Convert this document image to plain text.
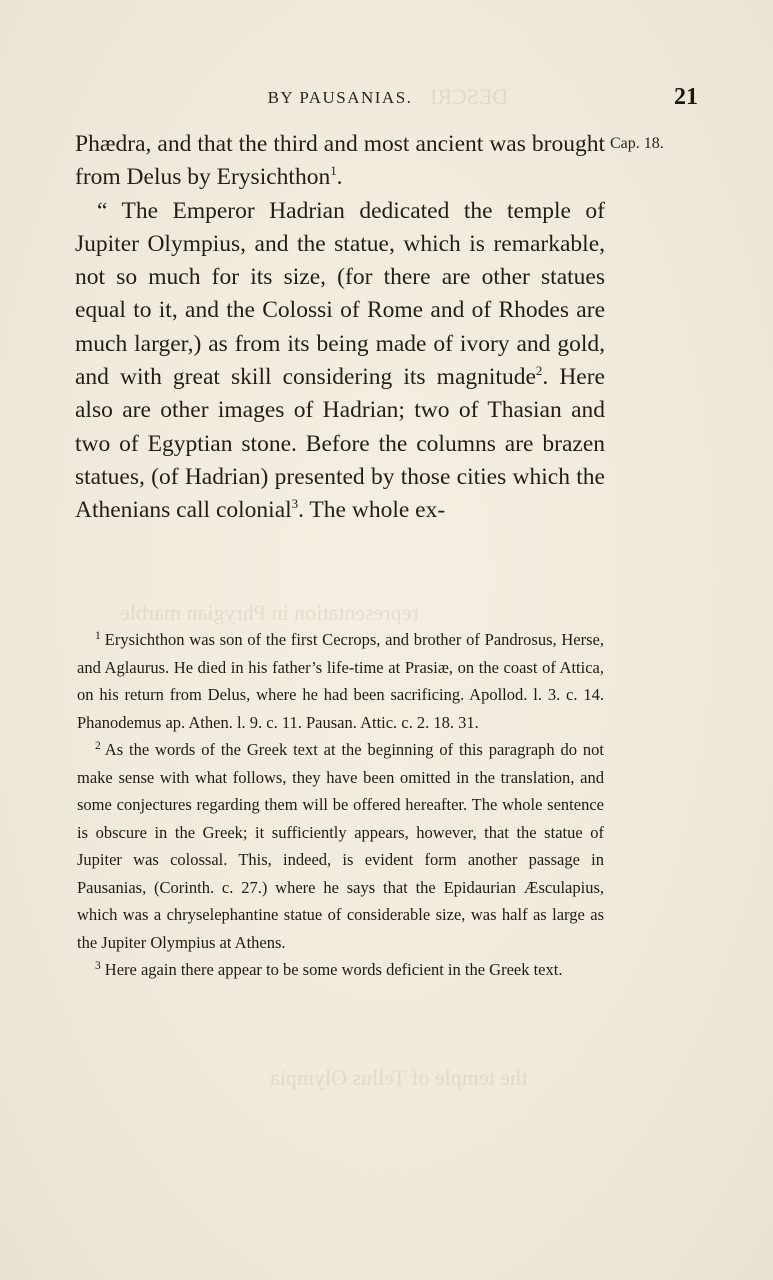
DESCRI
representation in Phrygian marble
the temple of Tellus Olympia
BY PAUSANIAS.	21
Cap. 18.

Phædra, and that the third and most ancient was brought from Delus by Erysichthon$^1$.

“ The Emperor Hadrian dedicated the temple of Jupiter Olympius, and the statue, which is remarkable, not so much for its size, (for there are other statues equal to it, and the Colossi of Rome and of Rhodes are much larger,) as from its being made of ivory and gold, and with great skill considering its magnitude$^2$. Here also are other images of Hadrian; two of Thasian and two of Egyptian stone. Before the columns are brazen statues, (of Hadrian) presented by those cities which the Athenians call colonial$^3$. The whole ex-

$^1$ Erysichthon was son of the first Cecrops, and brother of Pandrosus, Herse, and Aglaurus. He died in his father’s life-time at Prasiæ, on the coast of Attica, on his return from Delus, where he had been sacrificing. Apollod. l. 3. c. 14. Phanodemus ap. Athen. l. 9. c. 11. Pausan. Attic. c. 2. 18. 31.

$^2$ As the words of the Greek text at the beginning of this paragraph do not make sense with what follows, they have been omitted in the translation, and some conjectures regarding them will be offered hereafter. The whole sentence is obscure in the Greek; it sufficiently appears, however, that the statue of Jupiter was colossal. This, indeed, is evident form another passage in Pausanias, (Corinth. c. 27.) where he says that the Epidaurian Æsculapius, which was a chryselephantine statue of considerable size, was half as large as the Jupiter Olympius at Athens.

$^3$ Here again there appear to be some words deficient in the Greek text.
